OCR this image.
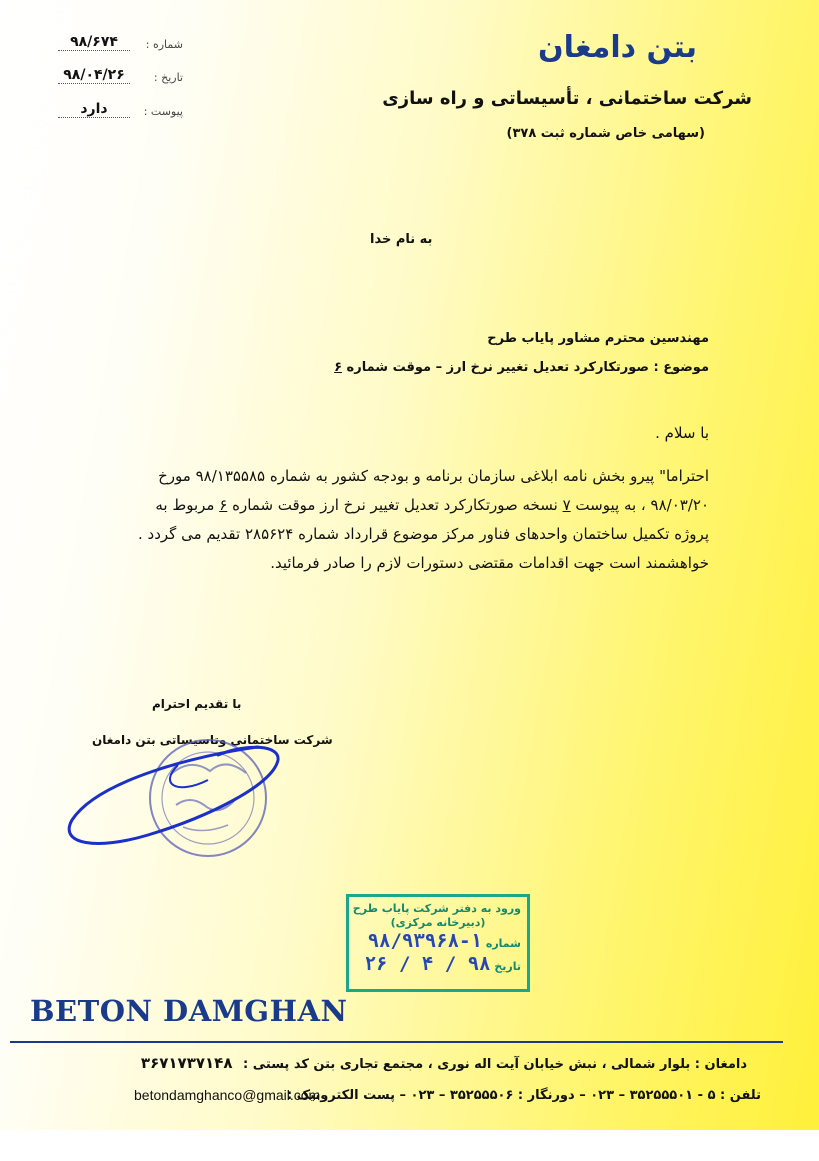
بتن دامغان
شرکت ساختمانی ، تأسیساتی و راه سازی
(سهامی خاص شماره ثبت ۳۷۸)
شماره :
۹۸/۶۷۴
تاریخ :
۹۸/۰۴/۲۶
پیوست :
دارد
به نام خدا
مهندسین محترم مشاور پایاب طرح
موضوع : صورتکارکرد تعدیل تغییر نرخ ارز – موقت شماره ۶
با سلام .

احتراما" پیرو بخش نامه ابلاغی سازمان برنامه و بودجه کشور به شماره ۹۸/۱۳۵۵۸۵ مورخ

۹۸/۰۳/۲۰ ، به پیوست ۷ نسخه صورتکارکرد تعدیل تغییر نرخ ارز موقت شماره ۶ مربوط به

پروژه تکمیل ساختمان واحدهای فناور مرکز موضوع قرارداد شماره ۲۸۵۶۲۴ تقدیم می گردد .

خواهشمند است جهت اقدامات مقتضی دستورات لازم را صادر فرمائید.

با تقدیم احترام
شرکت ساختمانی وتاسیساتی بتن دامغان
ورود به دفتر شرکت پایاب طرح
(دبیرخانه مرکزی)
شماره ۱-۹۸/۹۳۹۶۸
تاریخ ۹۸ / ۴ / ۲۶
BETON DAMGHAN
دامغان : بلوار شمالی ، نبش خیابان آیت اله نوری ، مجتمع تجاری بتن کد پستی : ۳۶۷۱۷۳۷۱۴۸
تلفن : ۵ - ۳۵۲۵۵۵۰۱ – ۰۲۳ – دورنگار : ۳۵۲۵۵۵۰۶ – ۰۲۳ – پست الکترونیک :
betondamghanco@gmail.com
